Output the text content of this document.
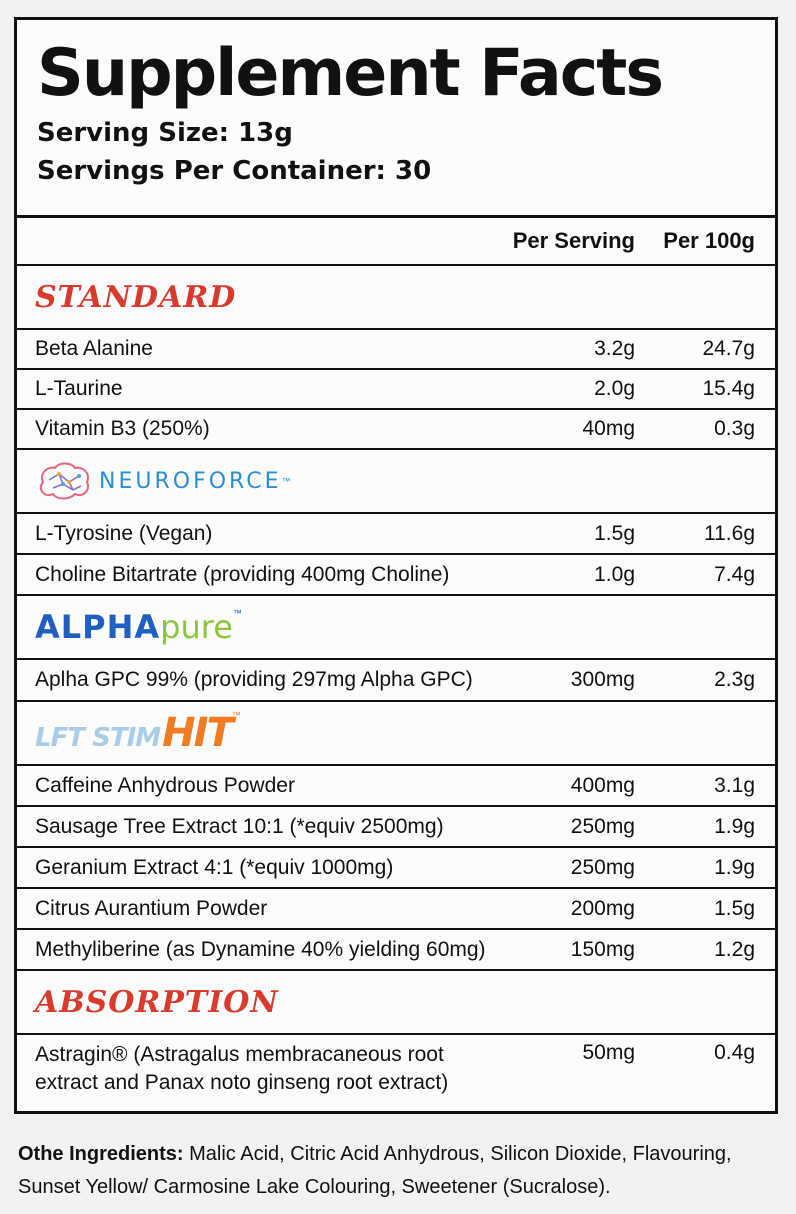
Supplement Facts
Serving Size: 13g
Servings Per Container: 30
Per Serving	Per 100g
STANDARD
Beta Alanine	3.2g	24.7g
L-Taurine	2.0g	15.4g
Vitamin B3 (250%)	40mg	0.3g
NEUROFORCE ™
L-Tyrosine (Vegan)	1.5g	11.6g
Choline Bitartrate (providing 400mg Choline)	1.0g	7.4g
ALPHApure™
Aplha GPC 99% (providing 297mg Alpha GPC)	300mg	2.3g
LFT STIMHIT™
Caffeine Anhydrous Powder	400mg	3.1g
Sausage Tree Extract 10:1 (*equiv 2500mg)	250mg	1.9g
Geranium Extract 4:1 (*equiv 1000mg)	250mg	1.9g
Citrus Aurantium Powder	200mg	1.5g
Methyliberine (as Dynamine 40% yielding 60mg)	150mg	1.2g
ABSORPTION
Astragin® (Astragalus membracaneous root
extract and Panax noto ginseng root extract)
50mg	0.4g
Othe Ingredients: Malic Acid, Citric Acid Anhydrous, Silicon Dioxide, Flavouring, Sunset Yellow/ Carmosine Lake Colouring, Sweetener (Sucralose).
